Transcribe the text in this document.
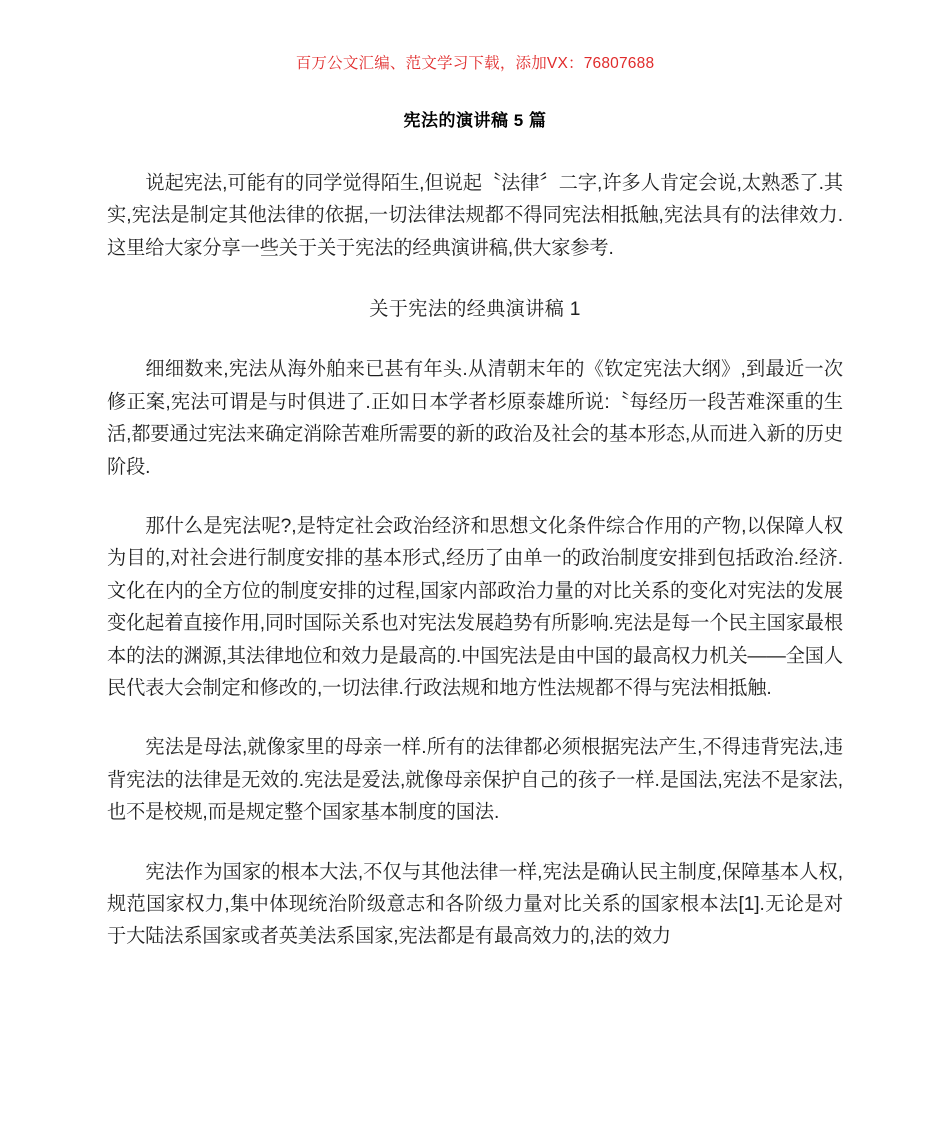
百万公文汇编、范文学习下载，添加VX：76807688
宪法的演讲稿 5 篇

说起宪法,可能有的同学觉得陌生,但说起〝法律〞二字,许多人肯定会说,太熟悉了.其实,宪法是制定其他法律的依据,一切法律法规都不得同宪法相抵触,宪法具有的法律效力.这里给大家分享一些关于关于宪法的经典演讲稿,供大家参考.

关于宪法的经典演讲稿 1

细细数来,宪法从海外舶来已甚有年头.从清朝末年的《钦定宪法大纲》,到最近一次修正案,宪法可谓是与时俱进了.正如日本学者杉原泰雄所说:〝每经历一段苦难深重的生活,都要通过宪法来确定消除苦难所需要的新的政治及社会的基本形态,从而进入新的历史阶段.

那什么是宪法呢?,是特定社会政治经济和思想文化条件综合作用的产物,以保障人权为目的,对社会进行制度安排的基本形式,经历了由单一的政治制度安排到包括政治.经济.文化在内的全方位的制度安排的过程,国家内部政治力量的对比关系的变化对宪法的发展变化起着直接作用,同时国际关系也对宪法发展趋势有所影响.宪法是每一个民主国家最根本的法的渊源,其法律地位和效力是最高的.中国宪法是由中国的最高权力机关——全国人民代表大会制定和修改的,一切法律.行政法规和地方性法规都不得与宪法相抵触.

宪法是母法,就像家里的母亲一样.所有的法律都必须根据宪法产生,不得违背宪法,违背宪法的法律是无效的.宪法是爱法,就像母亲保护自己的孩子一样.是国法,宪法不是家法,也不是校规,而是规定整个国家基本制度的国法.

宪法作为国家的根本大法,不仅与其他法律一样,宪法是确认民主制度,保障基本人权,规范国家权力,集中体现统治阶级意志和各阶级力量对比关系的国家根本法[1].无论是对于大陆法系国家或者英美法系国家,宪法都是有最高效力的,法的效力
